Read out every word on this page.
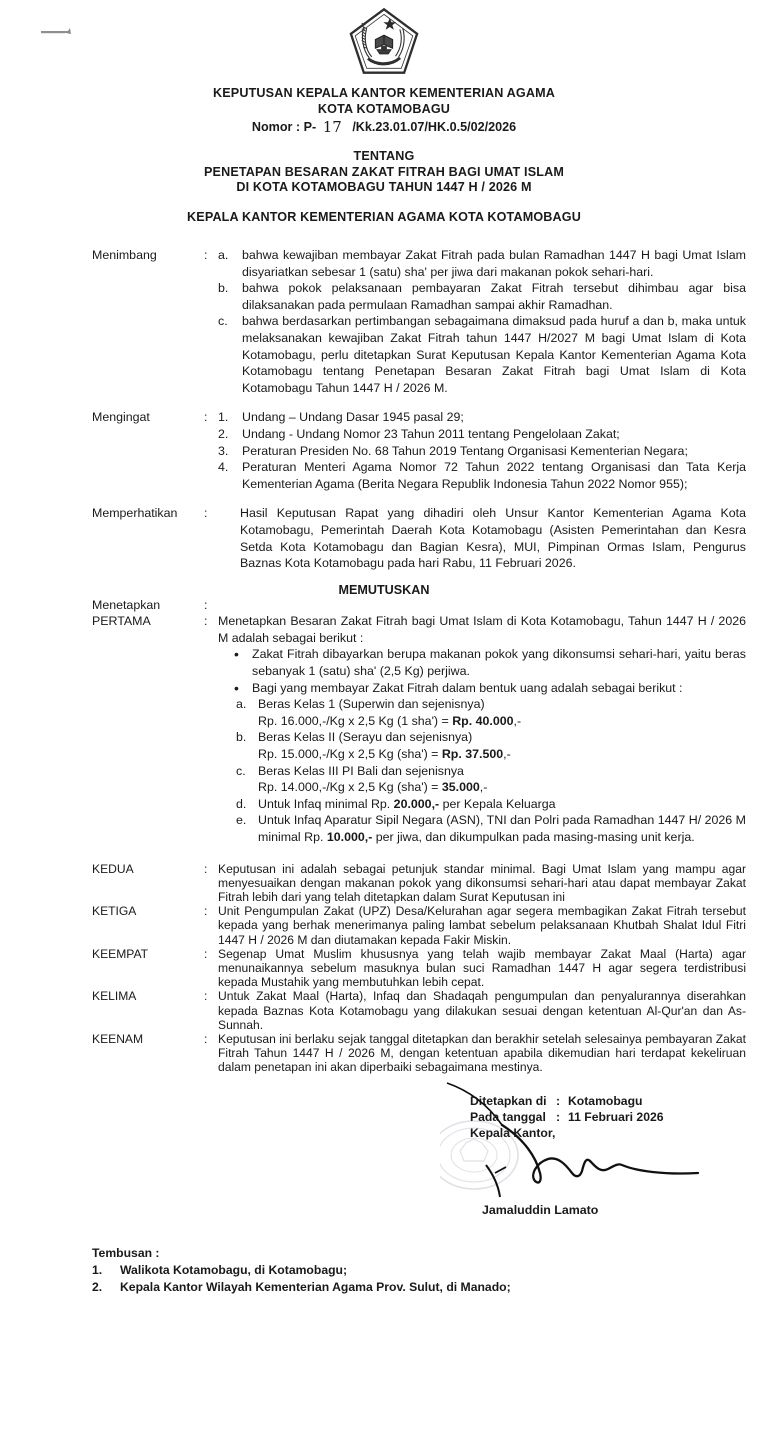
KEPUTUSAN KEPALA KANTOR KEMENTERIAN AGAMA
KOTA KOTAMOBAGU
Nomor : P- 17 /Kk.23.01.07/HK.0.5/02/2026
TENTANG
PENETAPAN BESARAN ZAKAT FITRAH BAGI UMAT ISLAM
DI KOTA KOTAMOBAGU TAHUN 1447 H / 2026 M
KEPALA KANTOR KEMENTERIAN AGAMA KOTA KOTAMOBAGU
Menimbang	: a.	bahwa kewajiban membayar Zakat Fitrah pada bulan Ramadhan 1447 H bagi Umat Islam disyariatkan sebesar 1 (satu) sha' per jiwa dari makanan pokok sehari-hari.
b.	bahwa pokok pelaksanaan pembayaran Zakat Fitrah tersebut dihimbau agar bisa dilaksanakan pada permulaan Ramadhan sampai akhir Ramadhan.
c.	bahwa berdasarkan pertimbangan sebagaimana dimaksud pada huruf a dan b, maka untuk melaksanakan kewajiban Zakat Fitrah tahun 1447 H/2027 M bagi Umat Islam di Kota Kotamobagu, perlu ditetapkan Surat Keputusan Kepala Kantor Kementerian Agama Kota Kotamobagu tentang Penetapan Besaran Zakat Fitrah bagi Umat Islam di Kota Kotamobagu Tahun 1447 H / 2026 M.
Mengingat	: 1.	Undang – Undang Dasar 1945 pasal 29;
2.	Undang - Undang Nomor 23 Tahun 2011 tentang Pengelolaan Zakat;
3.	Peraturan Presiden No. 68 Tahun 2019 Tentang Organisasi Kementerian Negara;
4.	Peraturan Menteri Agama Nomor 72 Tahun 2022 tentang Organisasi dan Tata Kerja Kementerian Agama (Berita Negara Republik Indonesia Tahun 2022 Nomor 955);
Memperhatikan	:	Hasil Keputusan Rapat yang dihadiri oleh Unsur Kantor Kementerian Agama Kota Kotamobagu, Pemerintah Daerah Kota Kotamobagu (Asisten Pemerintahan dan Kesra Setda Kota Kotamobagu dan Bagian Kesra), MUI, Pimpinan Ormas Islam, Pengurus Baznas Kota Kotamobagu pada hari Rabu, 11 Februari 2026.
MEMUTUSKAN
Menetapkan	:
PERTAMA	: Menetapkan Besaran Zakat Fitrah bagi Umat Islam di Kota Kotamobagu, Tahun 1447 H / 2026 M adalah sebagai berikut :
•	Zakat Fitrah dibayarkan berupa makanan pokok yang dikonsumsi sehari-hari, yaitu beras sebanyak 1 (satu) sha' (2,5 Kg) perjiwa.
•	Bagi yang membayar Zakat Fitrah dalam bentuk uang adalah sebagai berikut :
a. Beras Kelas 1 (Superwin dan sejenisnya)
Rp. 16.000,-/Kg x 2,5 Kg (1 sha') = Rp. 40.000,-
b. Beras Kelas II (Serayu dan sejenisnya)
Rp. 15.000,-/Kg x 2,5 Kg (sha') = Rp. 37.500,-
c. Beras Kelas III PI Bali dan sejenisnya
Rp. 14.000,-/Kg x 2,5 Kg (sha') = 35.000,-
d. Untuk Infaq minimal Rp. 20.000,- per Kepala Keluarga
e. Untuk Infaq Aparatur Sipil Negara (ASN), TNI dan Polri pada Ramadhan 1447 H/ 2026 M minimal Rp. 10.000,- per jiwa, dan dikumpulkan pada masing-masing unit kerja.
KEDUA	: Keputusan ini adalah sebagai petunjuk standar minimal. Bagi Umat Islam yang mampu agar menyesuaikan dengan makanan pokok yang dikonsumsi sehari-hari atau dapat membayar Zakat Fitrah lebih dari yang telah ditetapkan dalam Surat Keputusan ini
KETIGA	: Unit Pengumpulan Zakat (UPZ) Desa/Kelurahan agar segera membagikan Zakat Fitrah tersebut kepada yang berhak menerimanya paling lambat sebelum pelaksanaan Khutbah Shalat Idul Fitri 1447 H / 2026 M dan diutamakan kepada Fakir Miskin.
KEEMPAT	: Segenap Umat Muslim khususnya yang telah wajib membayar Zakat Maal (Harta) agar menunaikannya sebelum masuknya bulan suci Ramadhan 1447 H agar segera terdistribusi kepada Mustahik yang membutuhkan lebih cepat.
KELIMA	: Untuk Zakat Maal (Harta), Infaq dan Shadaqah pengumpulan dan penyalurannya diserahkan kepada Baznas Kota Kotamobagu yang dilakukan sesuai dengan ketentuan Al-Qur'an dan As-Sunnah.
KEENAM	: Keputusan ini berlaku sejak tanggal ditetapkan dan berakhir setelah selesainya pembayaran Zakat Fitrah Tahun 1447 H / 2026 M, dengan ketentuan apabila dikemudian hari terdapat kekeliruan dalam penetapan ini akan diperbaiki sebagaimana mestinya.
Ditetapkan di : Kotamobagu
Pada tanggal : 11 Februari 2026
Kepala Kantor,
Jamaluddin Lamato
Tembusan :
1.	Walikota Kotamobagu, di Kotamobagu;
2.	Kepala Kantor Wilayah Kementerian Agama Prov. Sulut, di Manado;
